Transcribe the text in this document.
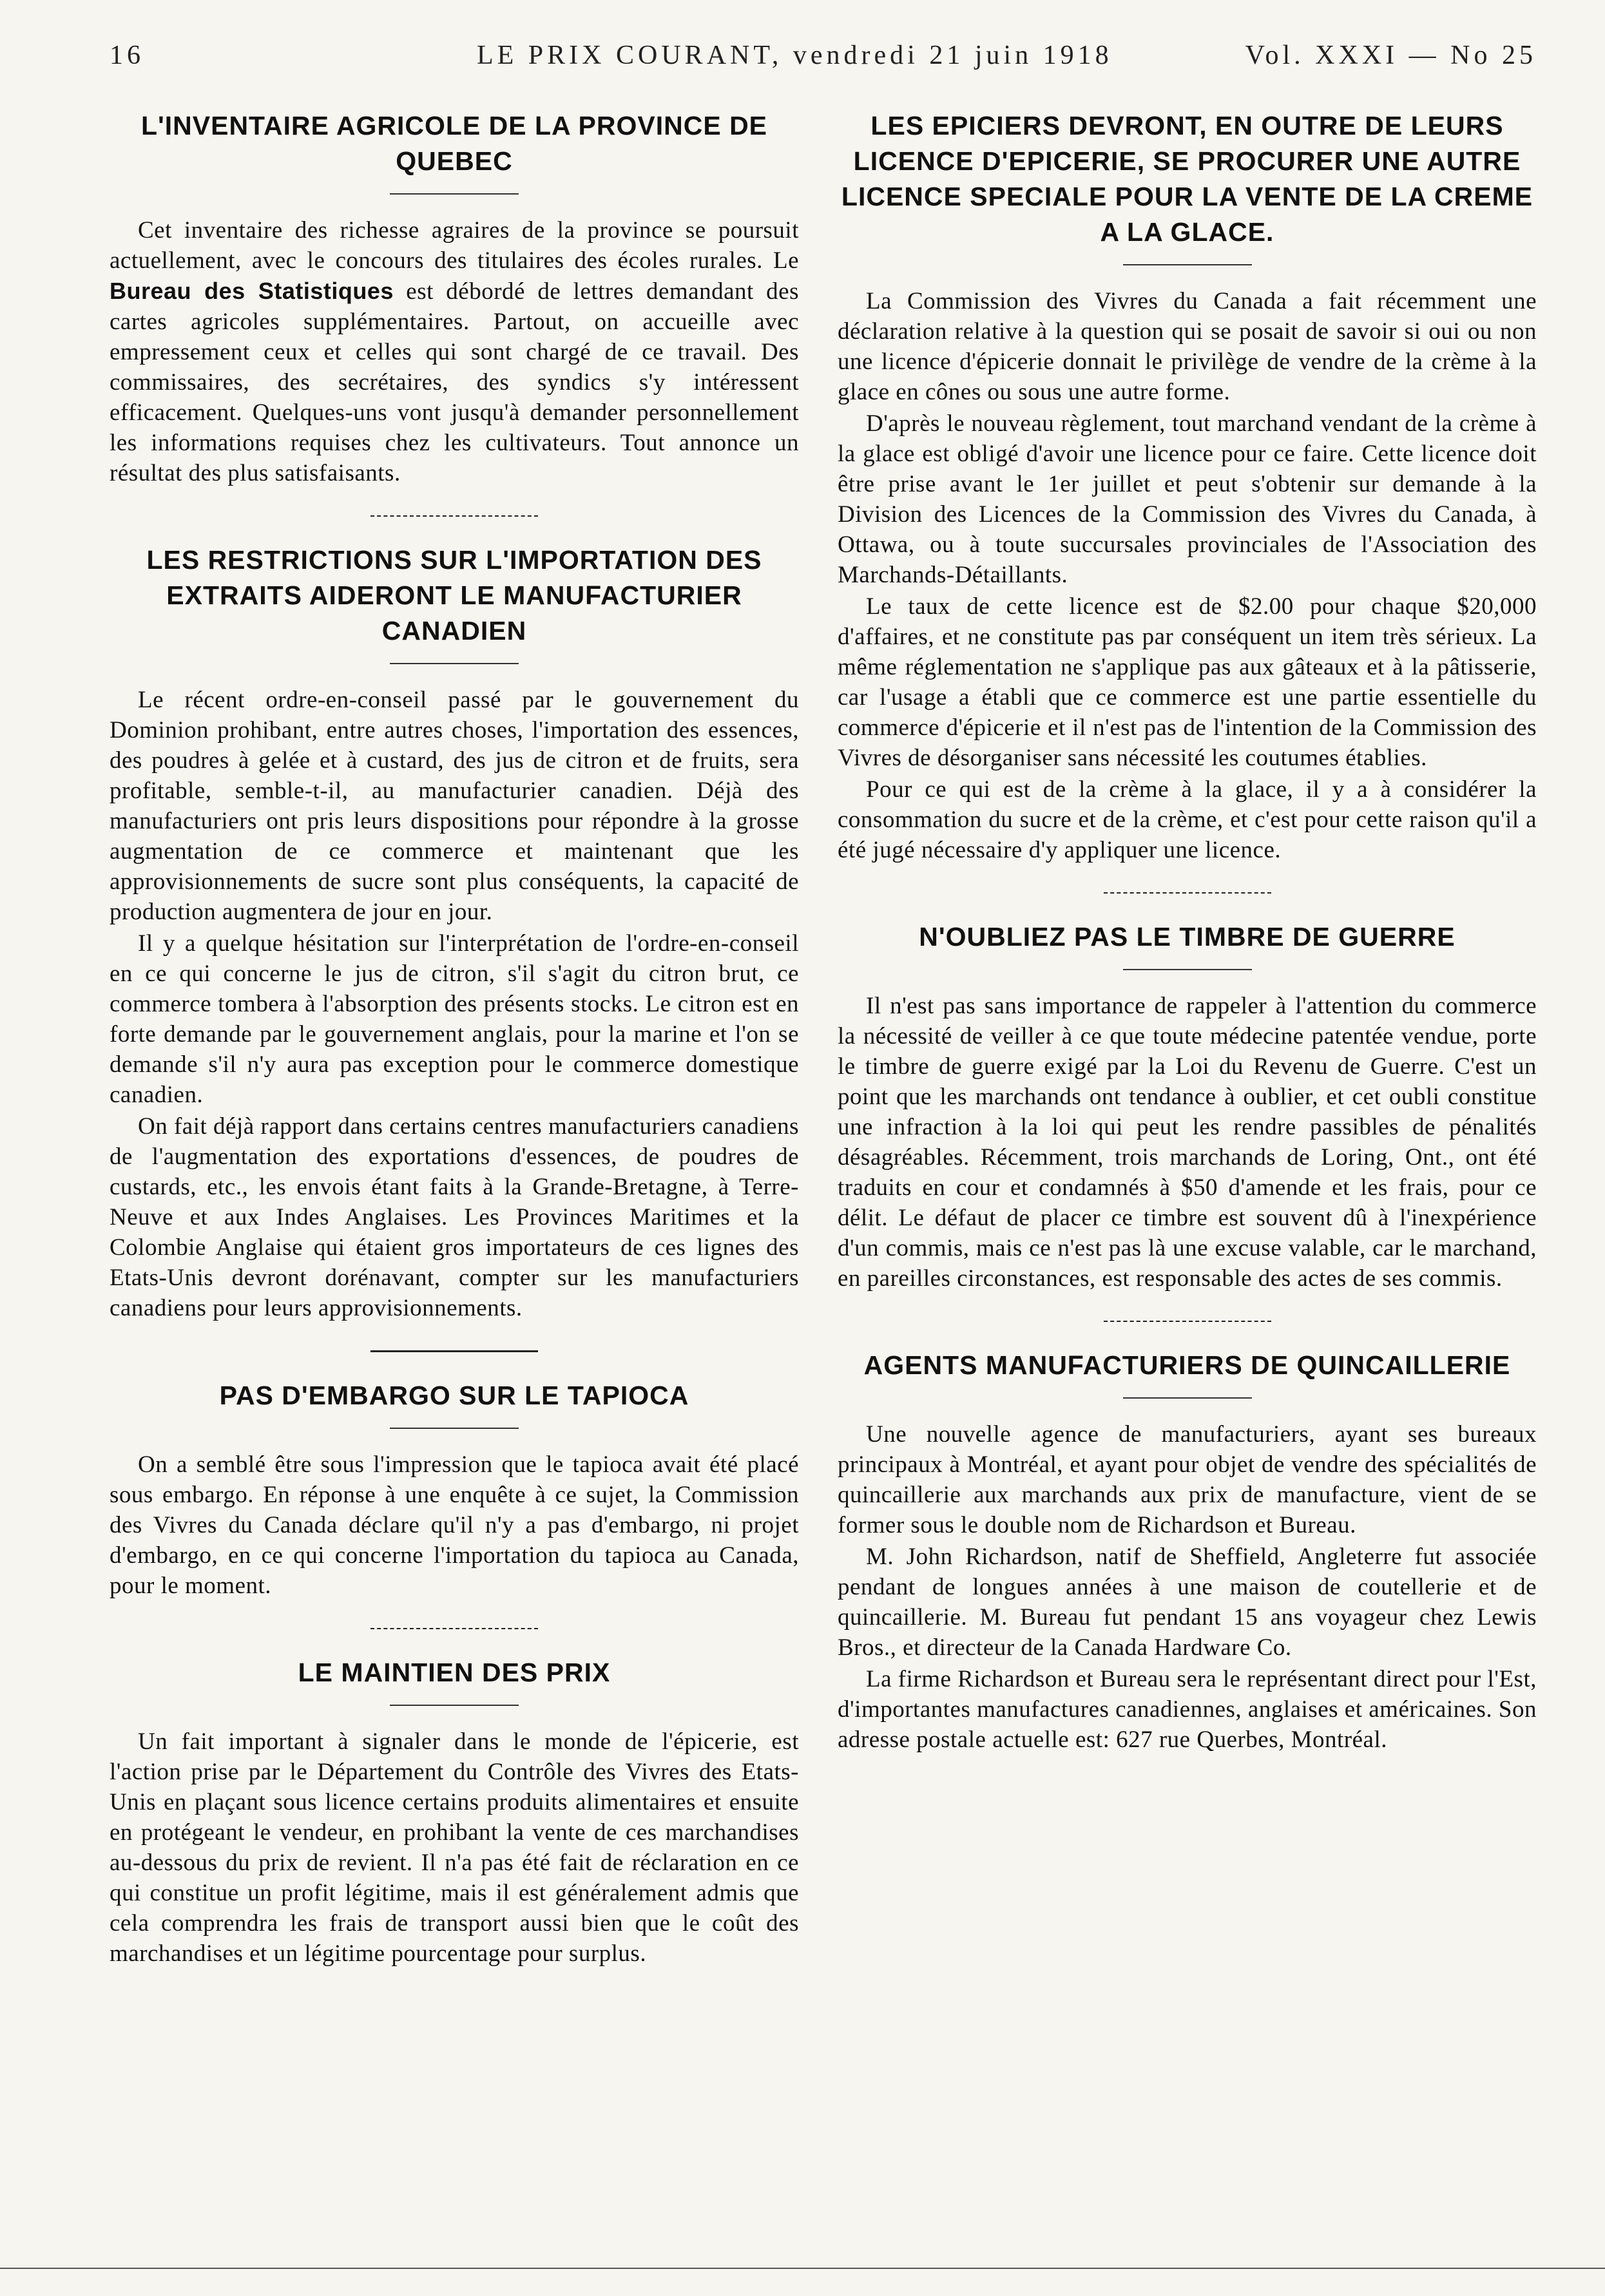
16	LE PRIX COURANT, vendredi 21 juin 1918	Vol. XXXI — No 25
L'INVENTAIRE AGRICOLE DE LA PROVINCE DE QUEBEC

Cet inventaire des richesse agraires de la province se poursuit actuellement, avec le concours des titulaires des écoles rurales. Le Bureau des Statistiques est débordé de lettres demandant des cartes agricoles supplémentaires. Partout, on accueille avec empressement ceux et celles qui sont chargé de ce travail. Des commissaires, des secrétaires, des syndics s'y intéressent efficacement. Quelques-uns vont jusqu'à demander personnellement les informations requises chez les cultivateurs. Tout annonce un résultat des plus satisfaisants.

LES RESTRICTIONS SUR L'IMPORTATION DES EXTRAITS AIDERONT LE MANUFACTURIER CANADIEN

Le récent ordre-en-conseil passé par le gouvernement du Dominion prohibant, entre autres choses, l'importation des essences, des poudres à gelée et à custard, des jus de citron et de fruits, sera profitable, semble-t-il, au manufacturier canadien. Déjà des manufacturiers ont pris leurs dispositions pour répondre à la grosse augmentation de ce commerce et maintenant que les approvisionnements de sucre sont plus conséquents, la capacité de production augmentera de jour en jour.

Il y a quelque hésitation sur l'interprétation de l'ordre-en-conseil en ce qui concerne le jus de citron, s'il s'agit du citron brut, ce commerce tombera à l'absorption des présents stocks. Le citron est en forte demande par le gouvernement anglais, pour la marine et l'on se demande s'il n'y aura pas exception pour le commerce domestique canadien.

On fait déjà rapport dans certains centres manufacturiers canadiens de l'augmentation des exportations d'essences, de poudres de custards, etc., les envois étant faits à la Grande-Bretagne, à Terre-Neuve et aux Indes Anglaises. Les Provinces Maritimes et la Colombie Anglaise qui étaient gros importateurs de ces lignes des Etats-Unis devront dorénavant, compter sur les manufacturiers canadiens pour leurs approvisionnements.

PAS D'EMBARGO SUR LE TAPIOCA

On a semblé être sous l'impression que le tapioca avait été placé sous embargo. En réponse à une enquête à ce sujet, la Commission des Vivres du Canada déclare qu'il n'y a pas d'embargo, ni projet d'embargo, en ce qui concerne l'importation du tapioca au Canada, pour le moment.

LE MAINTIEN DES PRIX

Un fait important à signaler dans le monde de l'épicerie, est l'action prise par le Département du Contrôle des Vivres des Etats-Unis en plaçant sous licence certains produits alimentaires et ensuite en protégeant le vendeur, en prohibant la vente de ces marchandises au-dessous du prix de revient. Il n'a pas été fait de réclaration en ce qui constitue un profit légitime, mais il est généralement admis que cela comprendra les frais de transport aussi bien que le coût des marchandises et un légitime pourcentage pour surplus.

LES EPICIERS DEVRONT, EN OUTRE DE LEURS LICENCE D'EPICERIE, SE PROCURER UNE AUTRE LICENCE SPECIALE POUR LA VENTE DE LA CREME A LA GLACE.

La Commission des Vivres du Canada a fait récemment une déclaration relative à la question qui se posait de savoir si oui ou non une licence d'épicerie donnait le privilège de vendre de la crème à la glace en cônes ou sous une autre forme.

D'après le nouveau règlement, tout marchand vendant de la crème à la glace est obligé d'avoir une licence pour ce faire. Cette licence doit être prise avant le 1er juillet et peut s'obtenir sur demande à la Division des Licences de la Commission des Vivres du Canada, à Ottawa, ou à toute succursales provinciales de l'Association des Marchands-Détaillants.

Le taux de cette licence est de $2.00 pour chaque $20,000 d'affaires, et ne constitute pas par conséquent un item très sérieux. La même réglementation ne s'applique pas aux gâteaux et à la pâtisserie, car l'usage a établi que ce commerce est une partie essentielle du commerce d'épicerie et il n'est pas de l'intention de la Commission des Vivres de désorganiser sans nécessité les coutumes établies.

Pour ce qui est de la crème à la glace, il y a à considérer la consommation du sucre et de la crème, et c'est pour cette raison qu'il a été jugé nécessaire d'y appliquer une licence.

N'OUBLIEZ PAS LE TIMBRE DE GUERRE

Il n'est pas sans importance de rappeler à l'attention du commerce la nécessité de veiller à ce que toute médecine patentée vendue, porte le timbre de guerre exigé par la Loi du Revenu de Guerre. C'est un point que les marchands ont tendance à oublier, et cet oubli constitue une infraction à la loi qui peut les rendre passibles de pénalités désagréables. Récemment, trois marchands de Loring, Ont., ont été traduits en cour et condamnés à $50 d'amende et les frais, pour ce délit. Le défaut de placer ce timbre est souvent dû à l'inexpérience d'un commis, mais ce n'est pas là une excuse valable, car le marchand, en pareilles circonstances, est responsable des actes de ses commis.

AGENTS MANUFACTURIERS DE QUINCAILLERIE

Une nouvelle agence de manufacturiers, ayant ses bureaux principaux à Montréal, et ayant pour objet de vendre des spécialités de quincaillerie aux marchands aux prix de manufacture, vient de se former sous le double nom de Richardson et Bureau.

M. John Richardson, natif de Sheffield, Angleterre fut associée pendant de longues années à une maison de coutellerie et de quincaillerie. M. Bureau fut pendant 15 ans voyageur chez Lewis Bros., et directeur de la Canada Hardware Co.

La firme Richardson et Bureau sera le représentant direct pour l'Est, d'importantes manufactures canadiennes, anglaises et américaines. Son adresse postale actuelle est: 627 rue Querbes, Montréal.
